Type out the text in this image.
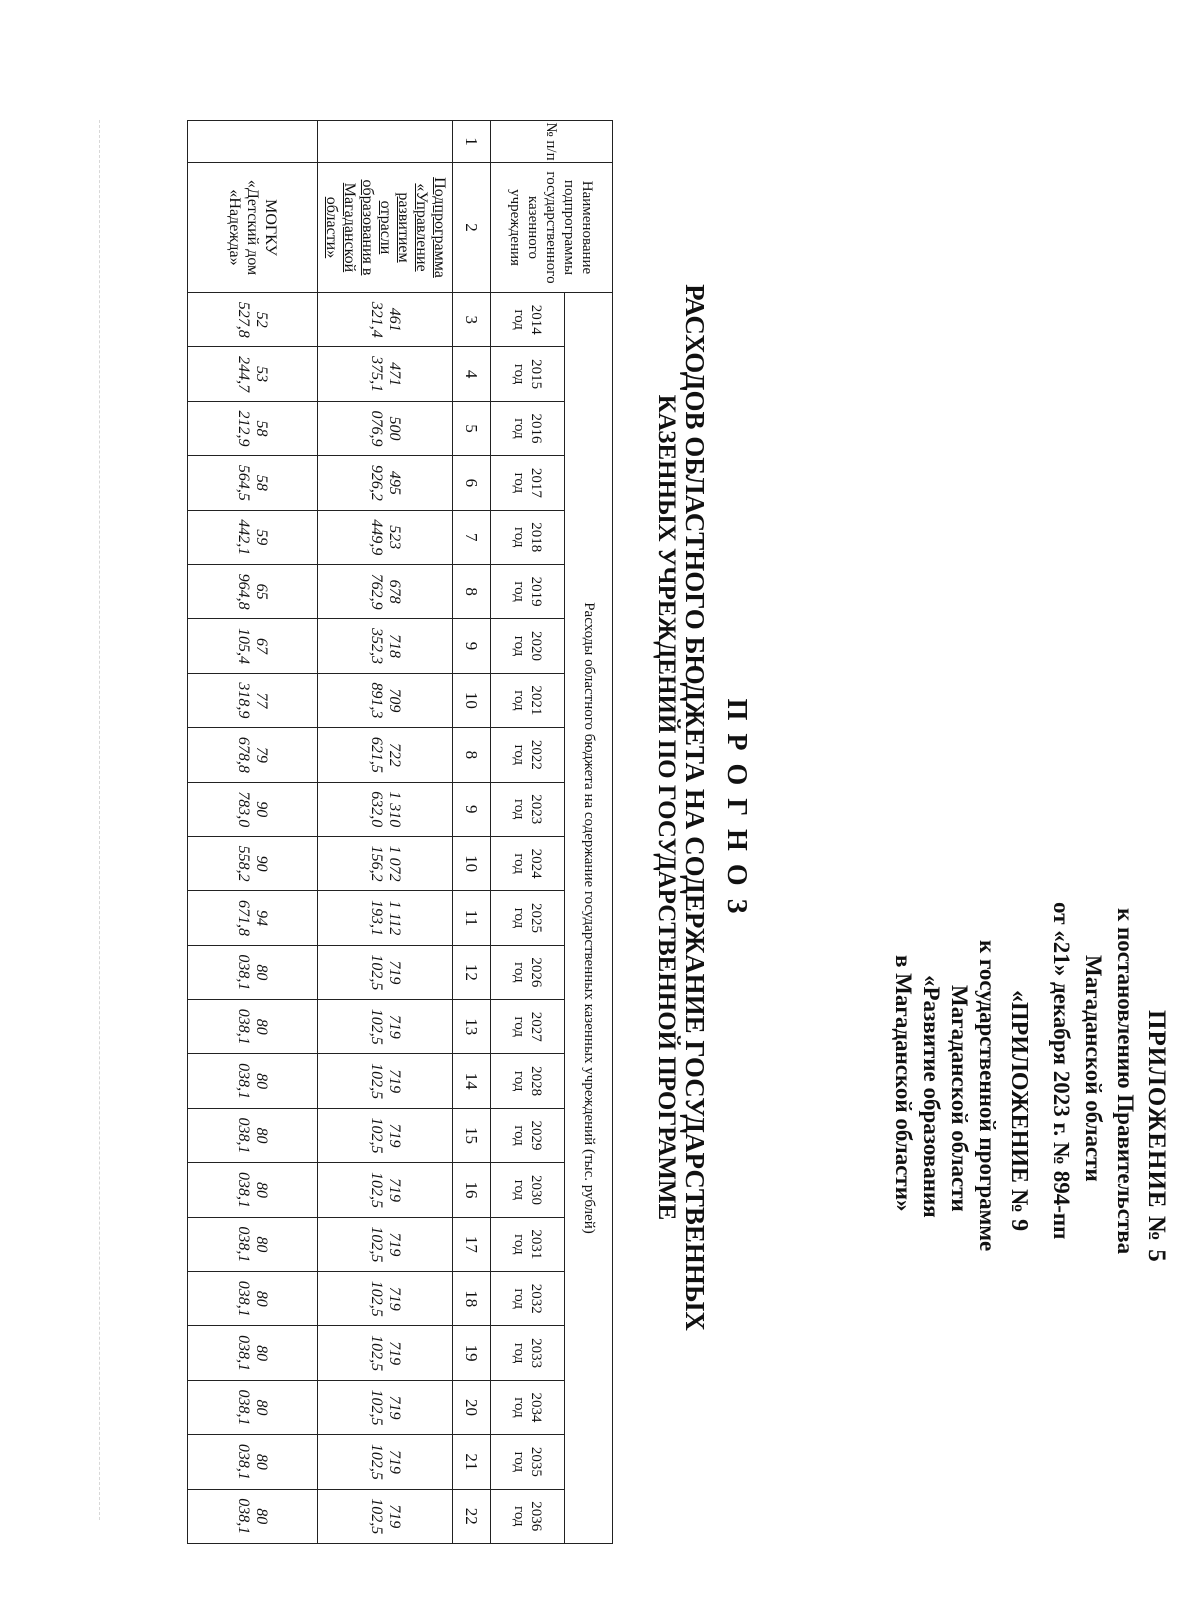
ПРИЛОЖЕНИЕ № 5
к постановлению Правительства
Магаданской области
от «21» декабря 2023 г. № 894-пп
«ПРИЛОЖЕНИЕ № 9
к государственной программе
Магаданской области
«Развитие образования
в Магаданской области»
П Р О Г Н О З
РАСХОДОВ ОБЛАСТНОГО БЮДЖЕТА НА СОДЕРЖАНИЕ ГОСУДАРСТВЕННЫХ
КАЗЕННЫХ УЧРЕЖДЕНИЙ ПО ГОСУДАРСТВЕННОЙ ПРОГРАММЕ
№ п/п	Наименование подпрограммы государственного казенного учреждения	Расходы областного бюджета на содержание государственных казенных учреждений (тыс. рублей)																						
		2014 год	2015 год	2016 год	2017 год	2018 год	2019 год	2020 год	2021 год	2022 год	2023 год	2024 год	2025 год	2026 год	2027 год	2028 год	2029 год	2030 год	2031 год	2032 год	2033 год	2034 год	2035 год	2036 год
1	2	3	4	5	6	7	8	9	10	8	9	10	11	12	13	14	15	16	17	18	19	20	21	22
	Подпрограмма «Управление развитием отрасли образования в Магаданской области»	461 321,4	471 375,1	500 076,9	495 926,2	523 449,9	678 762,9	718 352,3	709 891,3	722 621,5	1 310 632,0	1 072 156,2	1 112 193,1	719 102,5	719 102,5	719 102,5	719 102,5	719 102,5	719 102,5	719 102,5	719 102,5	719 102,5	719 102,5	719 102,5
	МОГКУ «Детский дом «Надежда»	52 527,8	53 244,7	58 212,9	58 564,5	59 442,1	65 964,8	67 105,4	77 318,9	79 678,8	90 783,0	90 558,2	94 671,8	80 038,1	80 038,1	80 038,1	80 038,1	80 038,1	80 038,1	80 038,1	80 038,1	80 038,1	80 038,1	80 038,1
